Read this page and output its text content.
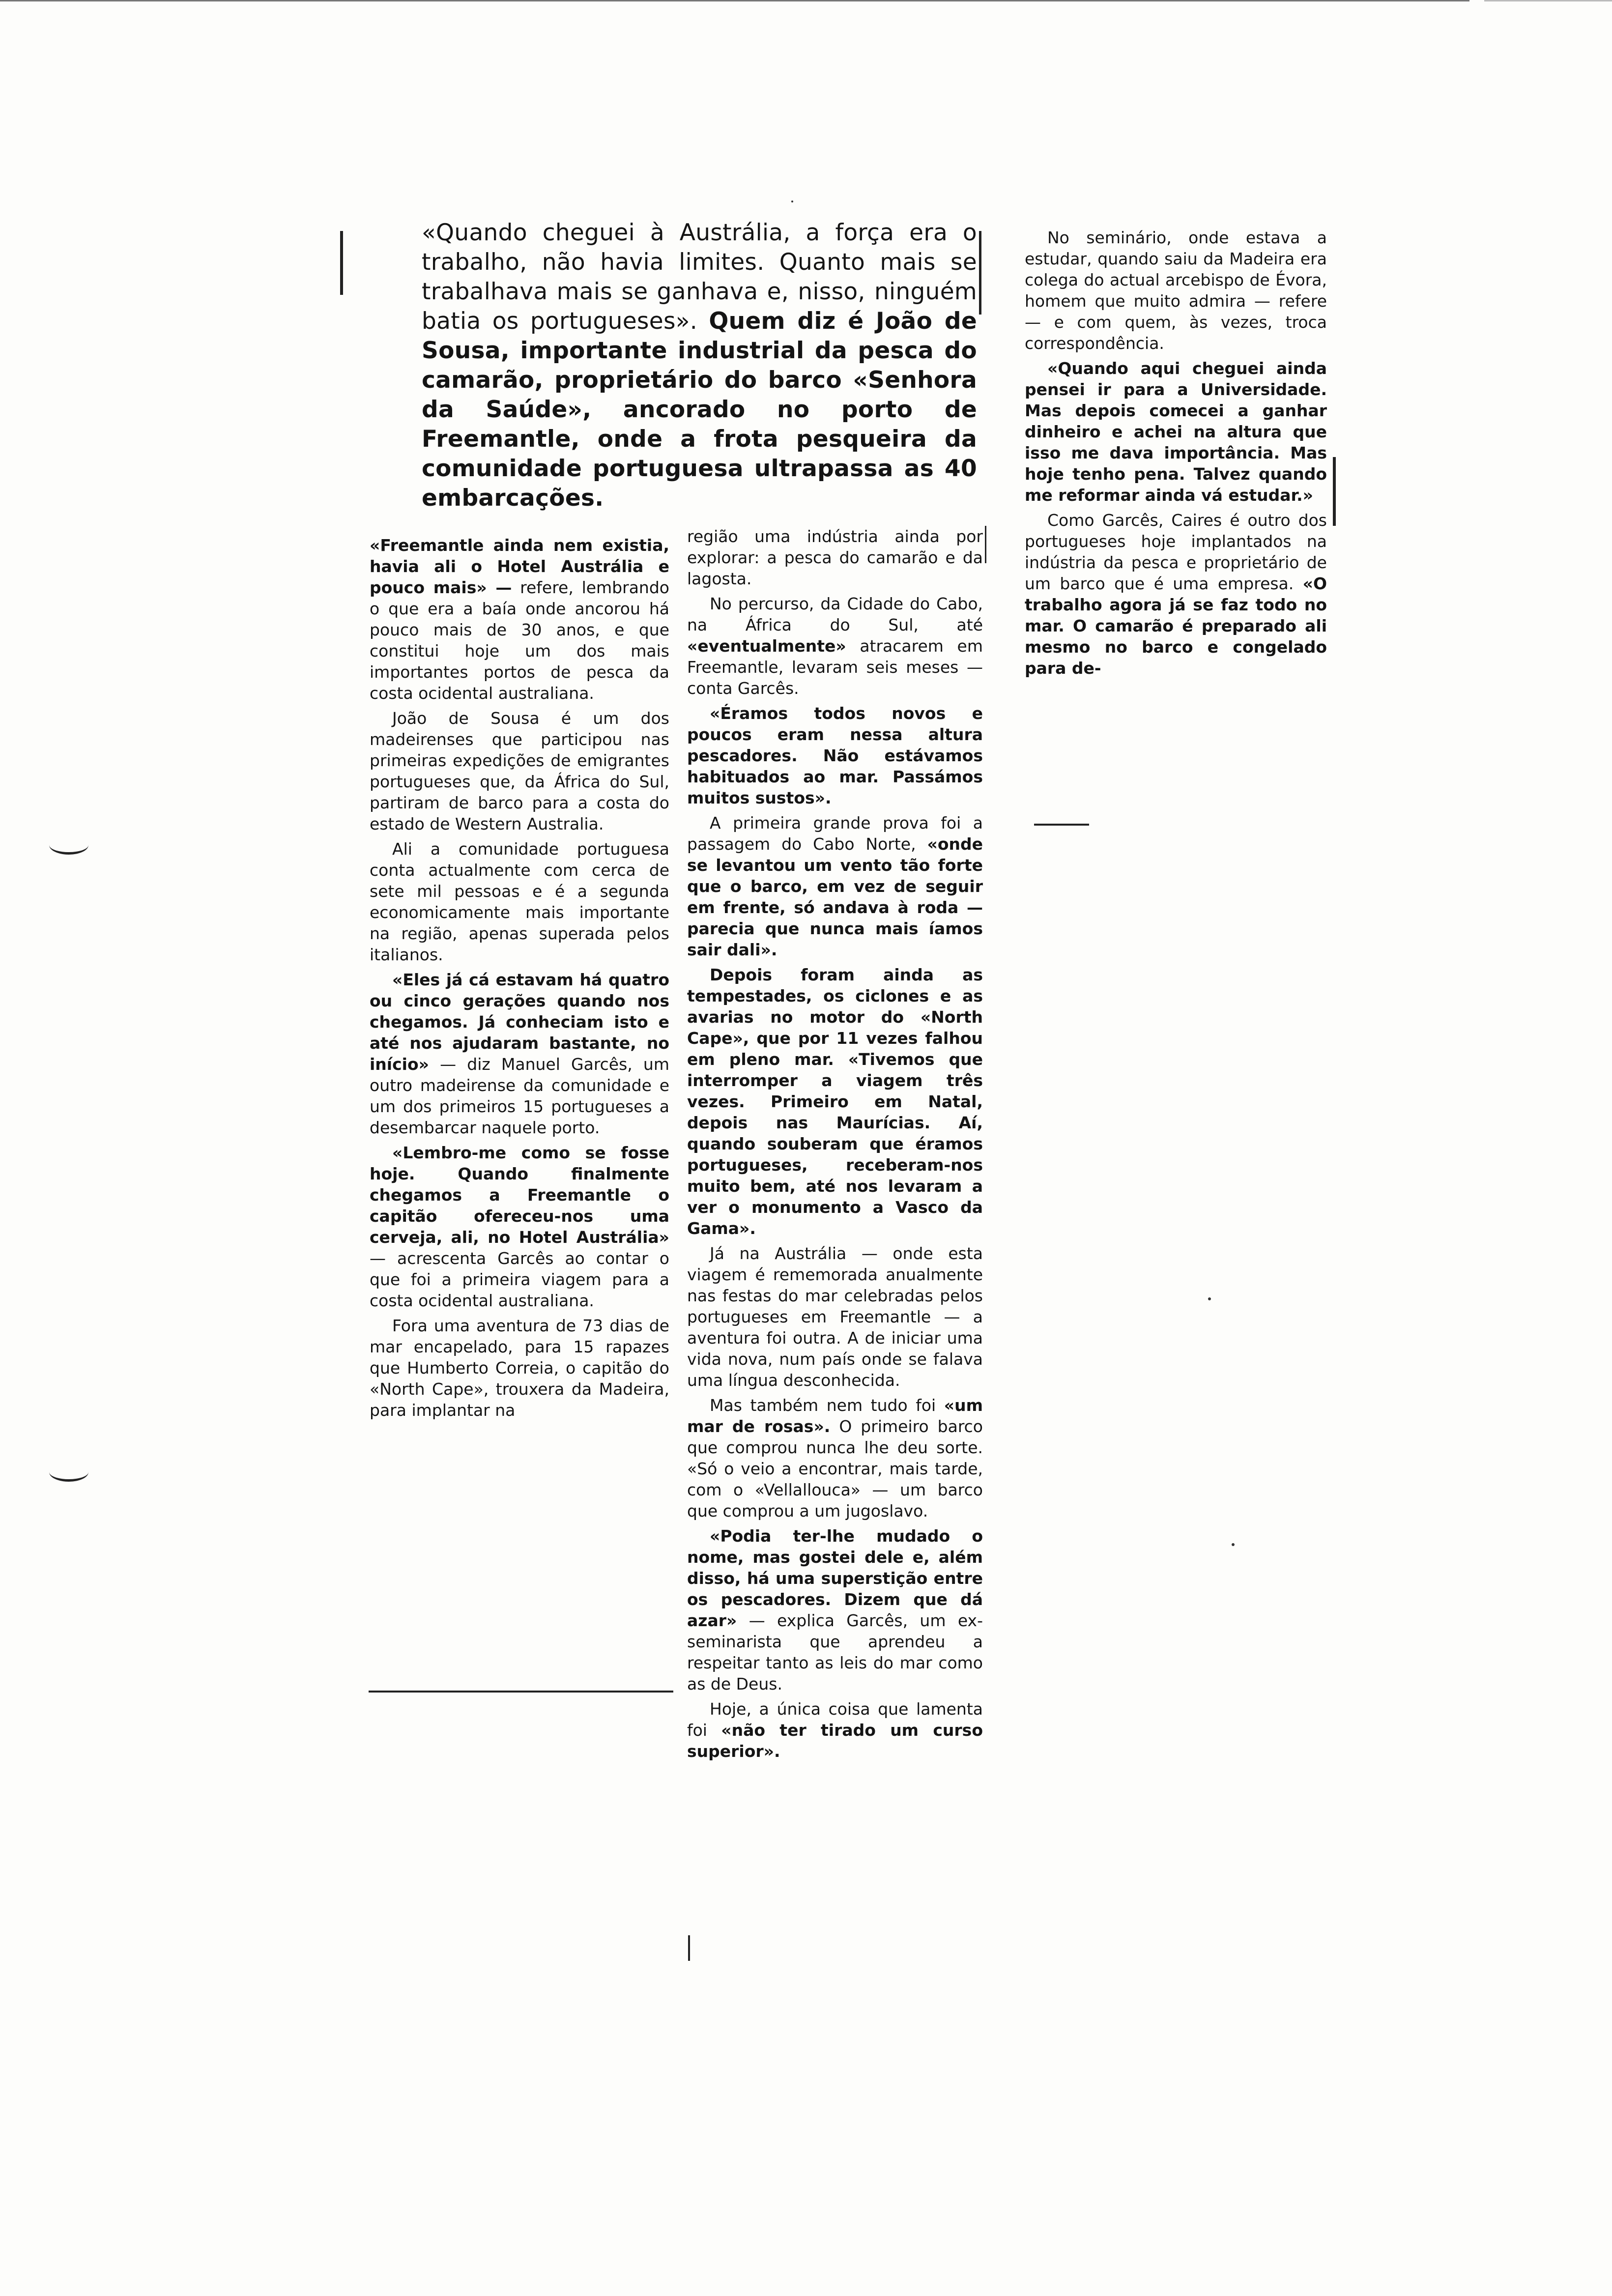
«Quando cheguei à Austrália, a força era o trabalho, não havia limites. Quanto mais se trabalhava mais se ganhava e, nisso, ninguém batia os portugueses». Quem diz é João de Sousa, importante industrial da pesca do camarão, proprietário do barco «Senhora da Saúde», ancorado no porto de Freemantle, onde a frota pesqueira da comunidade portuguesa ultrapassa as 40 embarcações.

«Freemantle ainda nem existia, havia ali o Hotel Austrália e pouco mais» — refere, lembrando o que era a baía onde ancorou há pouco mais de 30 anos, e que constitui hoje um dos mais importantes portos de pesca da costa ocidental australiana.

João de Sousa é um dos madeirenses que participou nas primeiras expedições de emigrantes portugueses que, da África do Sul, partiram de barco para a costa do estado de Western Australia.

Ali a comunidade portuguesa conta actualmente com cerca de sete mil pessoas e é a segunda economicamente mais importante na região, apenas superada pelos italianos.

«Eles já cá estavam há quatro ou cinco gerações quando nos chegamos. Já conheciam isto e até nos ajudaram bastante, no início» — diz Manuel Garcês, um outro madeirense da comunidade e um dos primeiros 15 portugueses a desembarcar naquele porto.

«Lembro-me como se fosse hoje. Quando finalmente chegamos a Freemantle o capitão ofereceu-nos uma cerveja, ali, no Hotel Austrália» — acrescenta Garcês ao contar o que foi a primeira viagem para a costa ocidental australiana.

Fora uma aventura de 73 dias de mar encapelado, para 15 rapazes que Humberto Correia, o capitão do «North Cape», trouxera da Madeira, para implantar na

região uma indústria ainda por explorar: a pesca do camarão e da lagosta.

No percurso, da Cidade do Cabo, na África do Sul, até «eventualmente» atracarem em Freemantle, levaram seis meses — conta Garcês.

«Éramos todos novos e poucos eram nessa altura pescadores. Não estávamos habituados ao mar. Passámos muitos sustos».

A primeira grande prova foi a passagem do Cabo Norte, «onde se levantou um vento tão forte que o barco, em vez de seguir em frente, só andava à roda — parecia que nunca mais íamos sair dali».

Depois foram ainda as tempestades, os ciclones e as avarias no motor do «North Cape», que por 11 vezes falhou em pleno mar. «Tivemos que interromper a viagem três vezes. Primeiro em Natal, depois nas Maurícias. Aí, quando souberam que éramos portugueses, receberam-nos muito bem, até nos levaram a ver o monumento a Vasco da Gama».

Já na Austrália — onde esta viagem é rememorada anualmente nas festas do mar celebradas pelos portugueses em Freemantle — a aventura foi outra. A de iniciar uma vida nova, num país onde se falava uma língua desconhecida.

Mas também nem tudo foi «um mar de rosas». O primeiro barco que comprou nunca lhe deu sorte. «Só o veio a encontrar, mais tarde, com o «Vellallouca» — um barco que comprou a um jugoslavo.

«Podia ter-lhe mudado o nome, mas gostei dele e, além disso, há uma superstição entre os pescadores. Dizem que dá azar» — explica Garcês, um ex-seminarista que aprendeu a respeitar tanto as leis do mar como as de Deus.

Hoje, a única coisa que lamenta foi «não ter tirado um curso superior».

No seminário, onde estava a estudar, quando saiu da Madeira era colega do actual arcebispo de Évora, homem que muito admira — refere — e com quem, às vezes, troca correspondência.

«Quando aqui cheguei ainda pensei ir para a Universidade. Mas depois comecei a ganhar dinheiro e achei na altura que isso me dava importância. Mas hoje tenho pena. Talvez quando me reformar ainda vá estudar.»

Como Garcês, Caires é outro dos portugueses hoje implantados na indústria da pesca e proprietário de um barco que é uma empresa. «O trabalho agora já se faz todo no mar. O camarão é preparado ali mesmo no barco e congelado para de-
